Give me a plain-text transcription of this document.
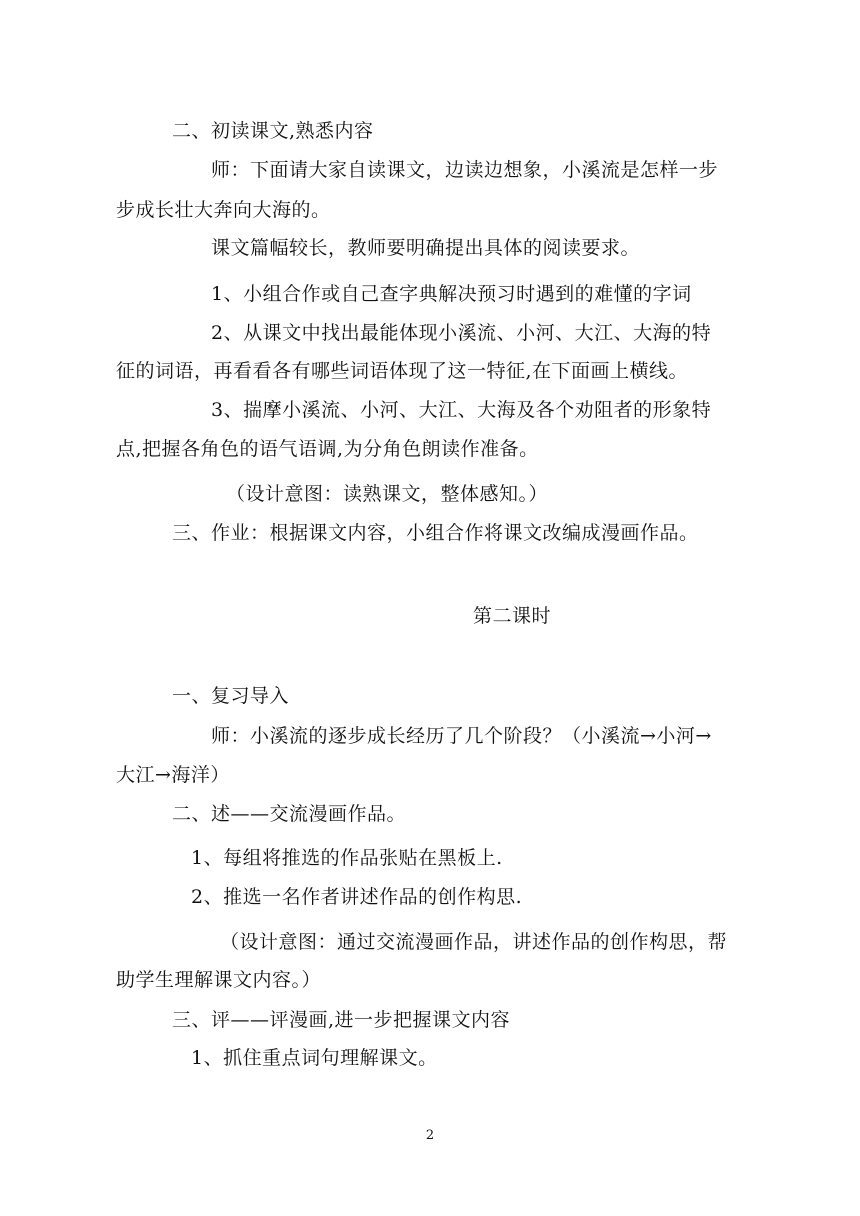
二、初读课文,熟悉内容
师：下面请大家自读课文，边读边想象，小溪流是怎样一步
步成长壮大奔向大海的。
课文篇幅较长，教师要明确提出具体的阅读要求。
1、小组合作或自己查字典解决预习时遇到的难懂的字词
2、从课文中找出最能体现小溪流、小河、大江、大海的特
征的词语，再看看各有哪些词语体现了这一特征,在下面画上横线。
3、揣摩小溪流、小河、大江、大海及各个劝阻者的形象特
点,把握各角色的语气语调,为分角色朗读作准备。
（设计意图：读熟课文，整体感知。）
三、作业：根据课文内容，小组合作将课文改编成漫画作品。
第二课时
一、复习导入
师：小溪流的逐步成长经历了几个阶段？（小溪流→小河→
大江→海洋）
二、述——交流漫画作品。
1、每组将推选的作品张贴在黑板上.
2、推选一名作者讲述作品的创作构思.
（设计意图：通过交流漫画作品，讲述作品的创作构思，帮
助学生理解课文内容。）
三、评——评漫画,进一步把握课文内容
1、抓住重点词句理解课文。
2
